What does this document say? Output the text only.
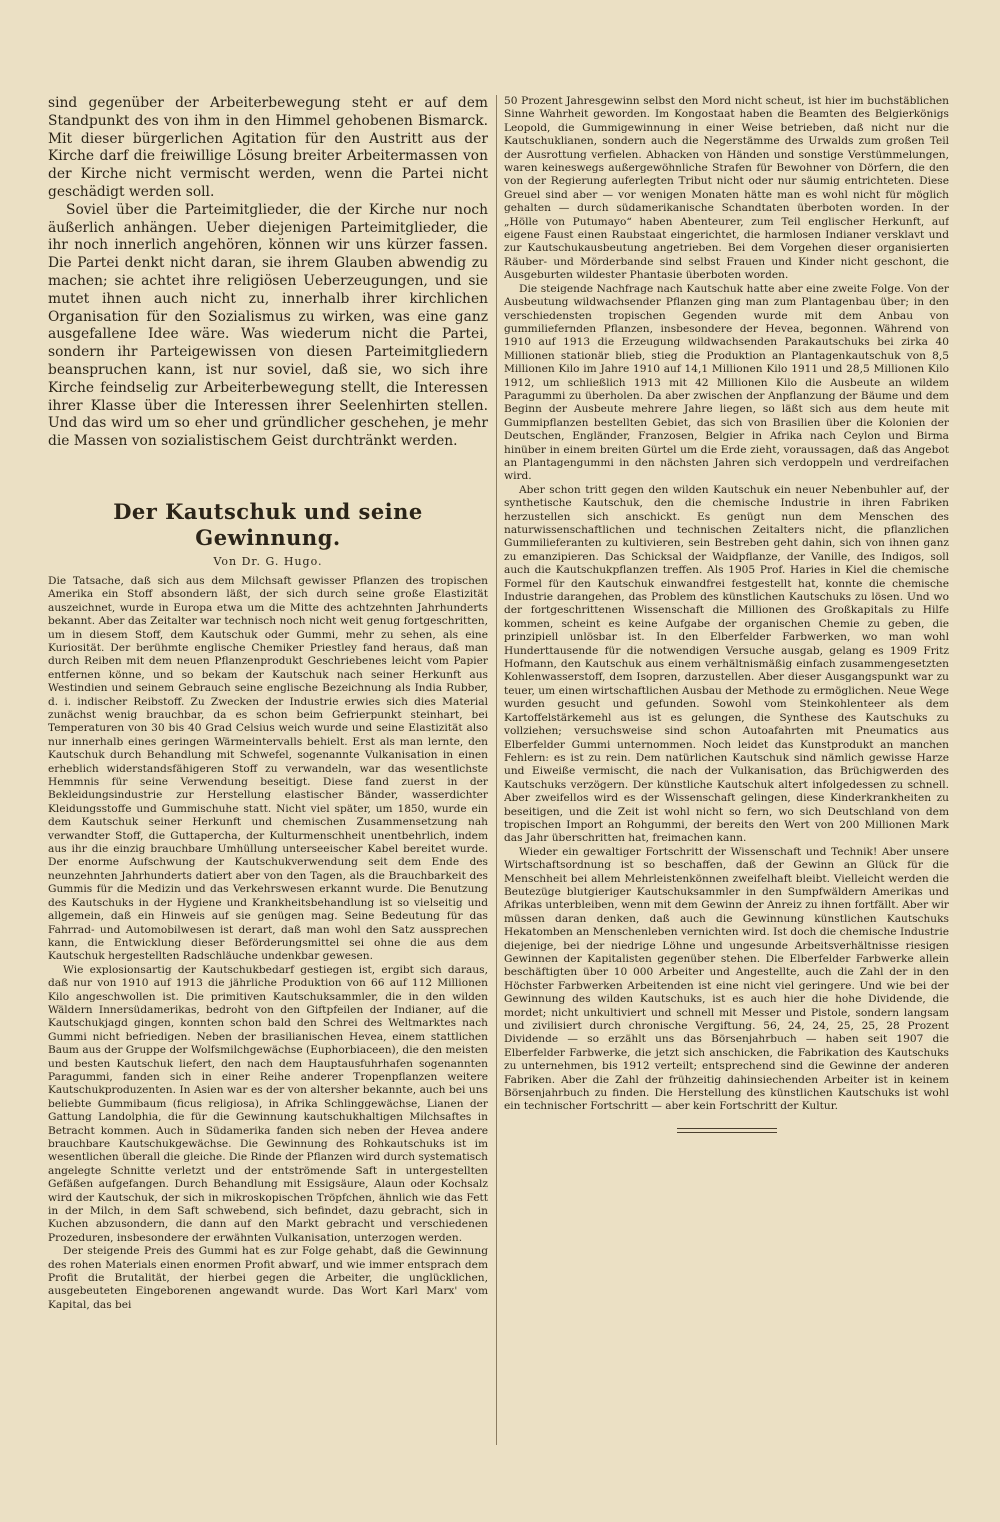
sind gegenüber der Arbeiterbewegung steht er auf dem Standpunkt des von ihm in den Himmel gehobenen Bismarck. Mit dieser bürgerlichen Agitation für den Austritt aus der Kirche darf die freiwillige Lösung breiter Arbeitermassen von der Kirche nicht vermischt werden, wenn die Partei nicht geschädigt werden soll.

Soviel über die Parteimitglieder, die der Kirche nur noch äußerlich anhängen. Ueber diejenigen Parteimitglieder, die ihr noch innerlich angehören, können wir uns kürzer fassen. Die Partei denkt nicht daran, sie ihrem Glauben abwendig zu machen; sie achtet ihre religiösen Ueberzeugungen, und sie mutet ihnen auch nicht zu, innerhalb ihrer kirchlichen Organisation für den Sozialismus zu wirken, was eine ganz ausgefallene Idee wäre. Was wiederum nicht die Partei, sondern ihr Parteigewissen von diesen Parteimitgliedern beanspruchen kann, ist nur soviel, daß sie, wo sich ihre Kirche feindselig zur Arbeiterbewegung stellt, die Interessen ihrer Klasse über die Interessen ihrer Seelenhirten stellen. Und das wird um so eher und gründlicher geschehen, je mehr die Massen von sozialistischem Geist durchtränkt werden.

Der Kautschuk und seine Gewinnung.
Von Dr. G. Hugo.

Die Tatsache, daß sich aus dem Milchsaft gewisser Pflanzen des tropischen Amerika ein Stoff absondern läßt, der sich durch seine große Elastizität auszeichnet, wurde in Europa etwa um die Mitte des achtzehnten Jahrhunderts bekannt. Aber das Zeitalter war technisch noch nicht weit genug fortgeschritten, um in diesem Stoff, dem Kautschuk oder Gummi, mehr zu sehen, als eine Kuriosität. Der berühmte englische Chemiker Priestley fand heraus, daß man durch Reiben mit dem neuen Pflanzenprodukt Geschriebenes leicht vom Papier entfernen könne, und so bekam der Kautschuk nach seiner Herkunft aus Westindien und seinem Gebrauch seine englische Bezeichnung als India Rubber, d. i. indischer Reibstoff. Zu Zwecken der Industrie erwies sich dies Material zunächst wenig brauchbar, da es schon beim Gefrierpunkt steinhart, bei Temperaturen von 30 bis 40 Grad Celsius weich wurde und seine Elastizität also nur innerhalb eines geringen Wärmeintervalls behielt. Erst als man lernte, den Kautschuk durch Behandlung mit Schwefel, sogenannte Vulkanisation in einen erheblich widerstandsfähigeren Stoff zu verwandeln, war das wesentlichste Hemmnis für seine Verwendung beseitigt. Diese fand zuerst in der Bekleidungsindustrie zur Herstellung elastischer Bänder, wasserdichter Kleidungsstoffe und Gummischuhe statt. Nicht viel später, um 1850, wurde ein dem Kautschuk seiner Herkunft und chemischen Zusammensetzung nah verwandter Stoff, die Guttapercha, der Kulturmenschheit unentbehrlich, indem aus ihr die einzig brauchbare Umhüllung unterseeischer Kabel bereitet wurde. Der enorme Aufschwung der Kautschukverwendung seit dem Ende des neunzehnten Jahrhunderts datiert aber von den Tagen, als die Brauchbarkeit des Gummis für die Medizin und das Verkehrswesen erkannt wurde. Die Benutzung des Kautschuks in der Hygiene und Krankheitsbehandlung ist so vielseitig und allgemein, daß ein Hinweis auf sie genügen mag. Seine Bedeutung für das Fahrrad- und Automobilwesen ist derart, daß man wohl den Satz aussprechen kann, die Entwicklung dieser Beförderungsmittel sei ohne die aus dem Kautschuk hergestellten Radschläuche undenkbar gewesen.

Wie explosionsartig der Kautschukbedarf gestiegen ist, ergibt sich daraus, daß nur von 1910 auf 1913 die jährliche Produktion von 66 auf 112 Millionen Kilo angeschwollen ist. Die primitiven Kautschuksammler, die in den wilden Wäldern Innersüdamerikas, bedroht von den Giftpfeilen der Indianer, auf die Kautschukjagd gingen, konnten schon bald den Schrei des Weltmarktes nach Gummi nicht befriedigen. Neben der brasilianischen Hevea, einem stattlichen Baum aus der Gruppe der Wolfsmilchgewächse (Euphorbiaceen), die den meisten und besten Kautschuk liefert, den nach dem Hauptausfuhrhafen sogenannten Paragummi, fanden sich in einer Reihe anderer Tropenpflanzen weitere Kautschukproduzenten. In Asien war es der von altersher bekannte, auch bei uns beliebte Gummibaum (ficus religiosa), in Afrika Schlinggewächse, Lianen der Gattung Landolphia, die für die Gewinnung kautschukhaltigen Milchsaftes in Betracht kommen. Auch in Südamerika fanden sich neben der Hevea andere brauchbare Kautschukgewächse. Die Gewinnung des Rohkautschuks ist im wesentlichen überall die gleiche. Die Rinde der Pflanzen wird durch systematisch angelegte Schnitte verletzt und der entströmende Saft in untergestellten Gefäßen aufgefangen. Durch Behandlung mit Essigsäure, Alaun oder Kochsalz wird der Kautschuk, der sich in mikroskopischen Tröpfchen, ähnlich wie das Fett in der Milch, in dem Saft schwebend, sich befindet, dazu gebracht, sich in Kuchen abzusondern, die dann auf den Markt gebracht und verschiedenen Prozeduren, insbesondere der erwähnten Vulkanisation, unterzogen werden.

Der steigende Preis des Gummi hat es zur Folge gehabt, daß die Gewinnung des rohen Materials einen enormen Profit abwarf, und wie immer entsprach dem Profit die Brutalität, der hierbei gegen die Arbeiter, die unglücklichen, ausgebeuteten Eingeborenen angewandt wurde. Das Wort Karl Marx' vom Kapital, das bei

50 Prozent Jahresgewinn selbst den Mord nicht scheut, ist hier im buchstäblichen Sinne Wahrheit geworden. Im Kongostaat haben die Beamten des Belgierkönigs Leopold, die Gummigewinnung in einer Weise betrieben, daß nicht nur die Kautschuklianen, sondern auch die Negerstämme des Urwalds zum großen Teil der Ausrottung verfielen. Abhacken von Händen und sonstige Verstümmelungen, waren keineswegs außergewöhnliche Strafen für Bewohner von Dörfern, die den von der Regierung auferlegten Tribut nicht oder nur säumig entrichteten. Diese Greuel sind aber — vor wenigen Monaten hätte man es wohl nicht für möglich gehalten — durch südamerikanische Schandtaten überboten worden. In der „Hölle von Putumayo“ haben Abenteurer, zum Teil englischer Herkunft, auf eigene Faust einen Raubstaat eingerichtet, die harmlosen Indianer versklavt und zur Kautschukausbeutung angetrieben. Bei dem Vorgehen dieser organisierten Räuber- und Mörderbande sind selbst Frauen und Kinder nicht geschont, die Ausgeburten wildester Phantasie überboten worden.

Die steigende Nachfrage nach Kautschuk hatte aber eine zweite Folge. Von der Ausbeutung wildwachsender Pflanzen ging man zum Plantagenbau über; in den verschiedensten tropischen Gegenden wurde mit dem Anbau von gummiliefernden Pflanzen, insbesondere der Hevea, begonnen. Während von 1910 auf 1913 die Erzeugung wildwachsenden Parakautschuks bei zirka 40 Millionen stationär blieb, stieg die Produktion an Plantagenkautschuk von 8,5 Millionen Kilo im Jahre 1910 auf 14,1 Millionen Kilo 1911 und 28,5 Millionen Kilo 1912, um schließlich 1913 mit 42 Millionen Kilo die Ausbeute an wildem Paragummi zu überholen. Da aber zwischen der Anpflanzung der Bäume und dem Beginn der Ausbeute mehrere Jahre liegen, so läßt sich aus dem heute mit Gummipflanzen bestellten Gebiet, das sich von Brasilien über die Kolonien der Deutschen, Engländer, Franzosen, Belgier in Afrika nach Ceylon und Birma hinüber in einem breiten Gürtel um die Erde zieht, voraussagen, daß das Angebot an Plantagengummi in den nächsten Jahren sich verdoppeln und verdreifachen wird.

Aber schon tritt gegen den wilden Kautschuk ein neuer Nebenbuhler auf, der synthetische Kautschuk, den die chemische Industrie in ihren Fabriken herzustellen sich anschickt. Es genügt nun dem Menschen des naturwissenschaftlichen und technischen Zeitalters nicht, die pflanzlichen Gummilieferanten zu kultivieren, sein Bestreben geht dahin, sich von ihnen ganz zu emanzipieren. Das Schicksal der Waidpflanze, der Vanille, des Indigos, soll auch die Kautschukpflanzen treffen. Als 1905 Prof. Haries in Kiel die chemische Formel für den Kautschuk einwandfrei festgestellt hat, konnte die chemische Industrie darangehen, das Problem des künstlichen Kautschuks zu lösen. Und wo der fortgeschrittenen Wissenschaft die Millionen des Großkapitals zu Hilfe kommen, scheint es keine Aufgabe der organischen Chemie zu geben, die prinzipiell unlösbar ist. In den Elberfelder Farbwerken, wo man wohl Hunderttausende für die notwendigen Versuche ausgab, gelang es 1909 Fritz Hofmann, den Kautschuk aus einem verhältnismäßig einfach zusammengesetzten Kohlenwasserstoff, dem Isopren, darzustellen. Aber dieser Ausgangspunkt war zu teuer, um einen wirtschaftlichen Ausbau der Methode zu ermöglichen. Neue Wege wurden gesucht und gefunden. Sowohl vom Steinkohlenteer als dem Kartoffelstärkemehl aus ist es gelungen, die Synthese des Kautschuks zu vollziehen; versuchsweise sind schon Autoafahrten mit Pneumatics aus Elberfelder Gummi unternommen. Noch leidet das Kunstprodukt an manchen Fehlern: es ist zu rein. Dem natürlichen Kautschuk sind nämlich gewisse Harze und Eiweiße vermischt, die nach der Vulkanisation, das Brüchigwerden des Kautschuks verzögern. Der künstliche Kautschuk altert infolgedessen zu schnell. Aber zweifellos wird es der Wissenschaft gelingen, diese Kinderkrankheiten zu beseitigen, und die Zeit ist wohl nicht so fern, wo sich Deutschland von dem tropischen Import an Rohgummi, der bereits den Wert von 200 Millionen Mark das Jahr überschritten hat, freimachen kann.

Wieder ein gewaltiger Fortschritt der Wissenschaft und Technik! Aber unsere Wirtschaftsordnung ist so beschaffen, daß der Gewinn an Glück für die Menschheit bei allem Mehrleistenkönnen zweifelhaft bleibt. Vielleicht werden die Beutezüge blutgieriger Kautschuksammler in den Sumpfwäldern Amerikas und Afrikas unterbleiben, wenn mit dem Gewinn der Anreiz zu ihnen fortfällt. Aber wir müssen daran denken, daß auch die Gewinnung künstlichen Kautschuks Hekatomben an Menschenleben vernichten wird. Ist doch die chemische Industrie diejenige, bei der niedrige Löhne und ungesunde Arbeitsverhältnisse riesigen Gewinnen der Kapitalisten gegenüber stehen. Die Elberfelder Farbwerke allein beschäftigten über 10 000 Arbeiter und Angestellte, auch die Zahl der in den Höchster Farbwerken Arbeitenden ist eine nicht viel geringere. Und wie bei der Gewinnung des wilden Kautschuks, ist es auch hier die hohe Dividende, die mordet; nicht unkultiviert und schnell mit Messer und Pistole, sondern langsam und zivilisiert durch chronische Vergiftung. 56, 24, 24, 25, 25, 28 Prozent Dividende — so erzählt uns das Börsenjahrbuch — haben seit 1907 die Elberfelder Farbwerke, die jetzt sich anschicken, die Fabrikation des Kautschuks zu unternehmen, bis 1912 verteilt; entsprechend sind die Gewinne der anderen Fabriken. Aber die Zahl der frühzeitig dahinsiechenden Arbeiter ist in keinem Börsenjahrbuch zu finden. Die Herstellung des künstlichen Kautschuks ist wohl ein technischer Fortschritt — aber kein Fortschritt der Kultur.
